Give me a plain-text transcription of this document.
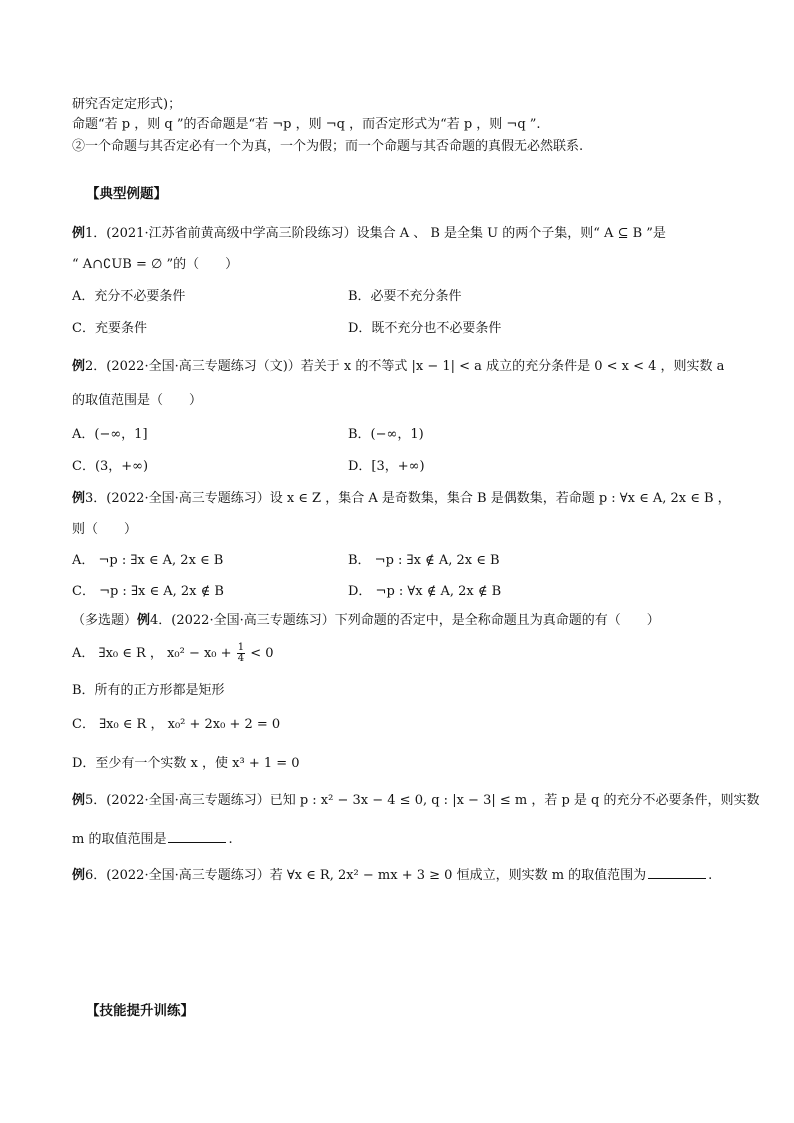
研究否定定形式)；
命题“若 p ，则 q ”的否命题是“若 ¬p ，则 ¬q ，而否定形式为“若 p ，则 ¬q ”.
②一个命题与其否定必有一个为真，一个为假；而一个命题与其否命题的真假无必然联系.
【典型例题】
例1．(2021·江苏省前黄高级中学高三阶段练习）设集合 A 、 B 是全集 U 的两个子集，则“ A ⊆ B ”是
“ A∩∁UB = ∅ ”的（　　）
A．充分不必要条件	B．必要不充分条件
C．充要条件	D．既不充分也不必要条件
例2．(2022·全国·高三专题练习（文)）若关于 x 的不等式 |x − 1| < a 成立的充分条件是 0 < x < 4 ，则实数 a
的取值范围是（　　）
A．(−∞，1]	B．(−∞，1)
C．(3，+∞)	D．[3，+∞)
例3．(2022·全国·高三专题练习）设 x ∈ Z ，集合 A 是奇数集，集合 B 是偶数集，若命题 p : ∀x ∈ A, 2x ∈ B ，
则（　　）
A． ¬p : ∃x ∈ A, 2x ∈ B	B． ¬p : ∃x ∉ A, 2x ∈ B
C． ¬p : ∃x ∈ A, 2x ∉ B	D． ¬p : ∀x ∉ A, 2x ∉ B
（多选题）例4．(2022·全国·高三专题练习）下列命题的否定中，是全称命题且为真命题的有（　　）
A． ∃x₀ ∈ R ， $x_0^2 - x_0 + \frac{1}{4} < 0$
B．所有的正方形都是矩形
C． ∃x₀ ∈ R ， x₀² + 2x₀ + 2 = 0
D．至少有一个实数 x ，使 x³ + 1 = 0
例5．(2022·全国·高三专题练习）已知 p : x² − 3x − 4 ≤ 0, q : |x − 3| ≤ m ，若 p 是 q 的充分不必要条件，则实数
m 的取值范围是	.
例6．(2022·全国·高三专题练习）若 ∀x ∈ R, 2x² − mx + 3 ≥ 0 恒成立，则实数 m 的取值范围为	.
【技能提升训练】
